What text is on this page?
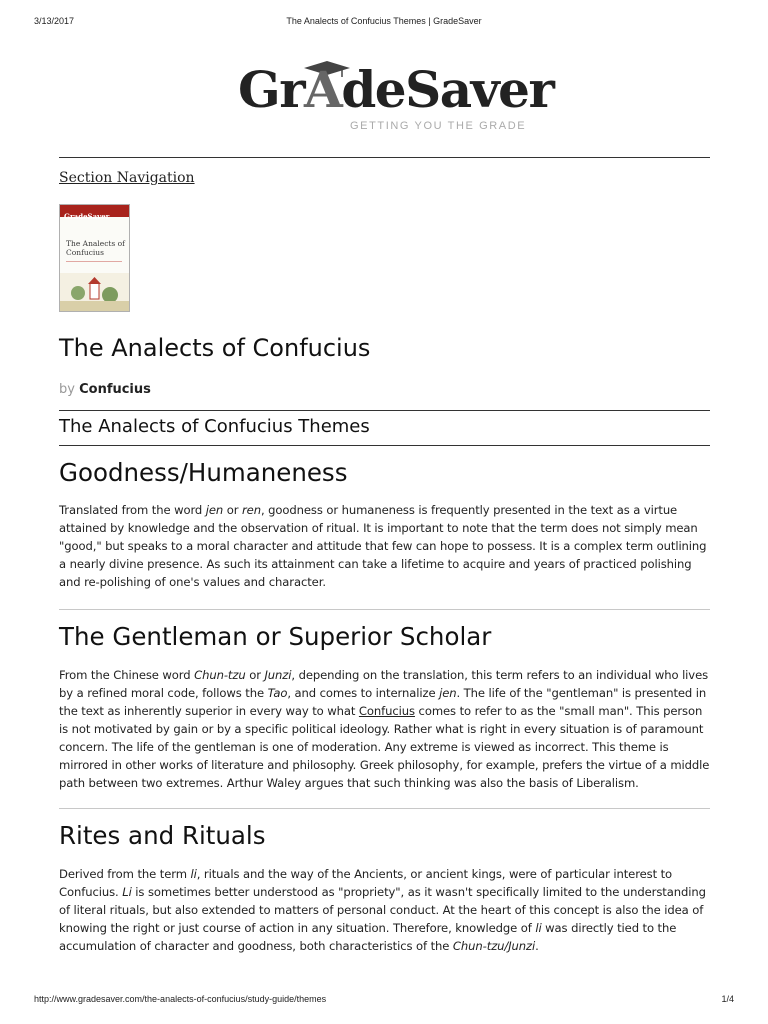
3/13/2017	The Analects of Confucius Themes | GradeSaver
GrAdeSaver
GETTING YOU THE GRADE
Section Navigation
GradeSaver
The Analects of Confucius
The Analects of Confucius
by Confucius
The Analects of Confucius Themes
Goodness/Humaneness

Translated from the word jen or ren, goodness or humaneness is frequently presented in the text as a virtue attained by knowledge and the observation of ritual. It is important to note that the term does not simply mean "good," but speaks to a moral character and attitude that few can hope to possess. It is a complex term outlining a nearly divine presence. As such its attainment can take a lifetime to acquire and years of practiced polishing and re-polishing of one's values and character.

The Gentleman or Superior Scholar

From the Chinese word Chun-tzu or Junzi, depending on the translation, this term refers to an individual who lives by a refined moral code, follows the Tao, and comes to internalize jen. The life of the "gentleman" is presented in the text as inherently superior in every way to what Confucius comes to refer to as the "small man". This person is not motivated by gain or by a specific political ideology. Rather what is right in every situation is of paramount concern. The life of the gentleman is one of moderation. Any extreme is viewed as incorrect. This theme is mirrored in other works of literature and philosophy. Greek philosophy, for example, prefers the virtue of a middle path between two extremes. Arthur Waley argues that such thinking was also the basis of Liberalism.

Rites and Rituals

Derived from the term li, rituals and the way of the Ancients, or ancient kings, were of particular interest to Confucius. Li is sometimes better understood as "propriety", as it wasn't specifically limited to the understanding of literal rituals, but also extended to matters of personal conduct. At the heart of this concept is also the idea of knowing the right or just course of action in any situation. Therefore, knowledge of li was directly tied to the accumulation of character and goodness, both characteristics of the Chun-tzu/Junzi.

http://www.gradesaver.com/the-analects-of-confucius/study-guide/themes	1/4
